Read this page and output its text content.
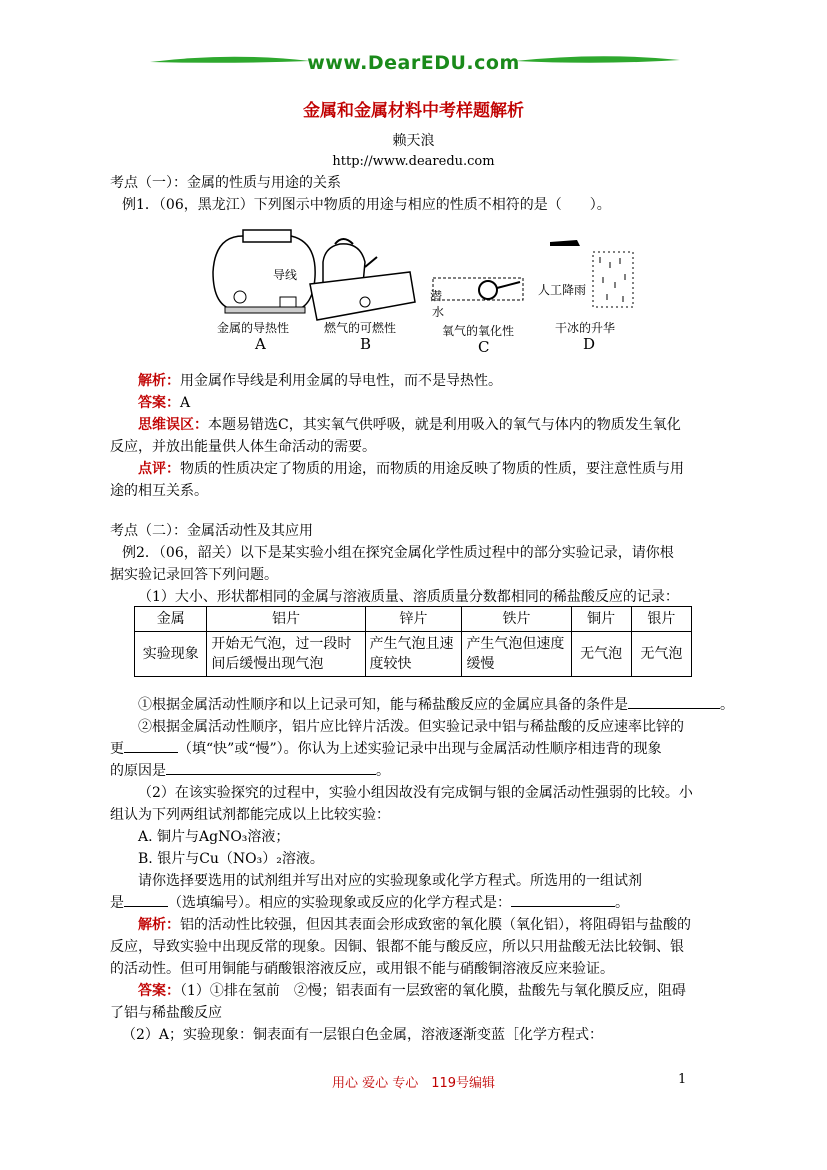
www.DearEDU.com
金属和金属材料中考样题解析
赖天浪
http://www.dearedu.com
考点（一）：金属的性质与用途的关系
例1．（06，黑龙江）下列图示中物质的用途与相应的性质不相符的是（　　）。
导线
潜 水
人工降雨
金属的导热性	燃气的可燃性	氧气的氧化性	干冰的升华
A	B	C	D
解析：用金属作导线是利用金属的导电性，而不是导热性。
答案：A
思维误区：本题易错选C，其实氧气供呼吸，就是利用吸入的氧气与体内的物质发生氧化
反应，并放出能量供人体生命活动的需要。
点评：物质的性质决定了物质的用途，而物质的用途反映了物质的性质，要注意性质与用
途的相互关系。
考点（二）：金属活动性及其应用
例2．（06，韶关）以下是某实验小组在探究金属化学性质过程中的部分实验记录，请你根
据实验记录回答下列问题。
（1）大小、形状都相同的金属与溶液质量、溶质质量分数都相同的稀盐酸反应的记录：
金属	铝片	锌片	铁片	铜片	银片
实验现象	开始无气泡，过一段时间后缓慢出现气泡	产生气泡且速度较快	产生气泡但速度缓慢	无气泡	无气泡
①根据金属活动性顺序和以上记录可知，能与稀盐酸反应的金属应具备的条件是	。
②根据金属活动性顺序，铝片应比锌片活泼。但实验记录中铝与稀盐酸的反应速率比锌的
更	（填“快”或“慢”）。你认为上述实验记录中出现与金属活动性顺序相违背的现象
的原因是	。
（2）在该实验探究的过程中，实验小组因故没有完成铜与银的金属活动性强弱的比较。小
组认为下列两组试剂都能完成以上比较实验：
A. 铜片与AgNO₃溶液；
B. 银片与Cu（NO₃）₂溶液。
请你选择要选用的试剂组并写出对应的实验现象或化学方程式。所选用的一组试剂
是	（选填编号）。相应的实验现象或反应的化学方程式是：	。
解析：铝的活动性比较强，但因其表面会形成致密的氧化膜（氧化铝），将阻碍铝与盐酸的
反应，导致实验中出现反常的现象。因铜、银都不能与酸反应，所以只用盐酸无法比较铜、银
的活动性。但可用铜能与硝酸银溶液反应，或用银不能与硝酸铜溶液反应来验证。
答案：（1）①排在氢前　②慢；铝表面有一层致密的氧化膜，盐酸先与氧化膜反应，阻碍
了铝与稀盐酸反应
（2）A；实验现象：铜表面有一层银白色金属，溶液逐渐变蓝［化学方程式：
用心 爱心 专心　119号编辑	1
